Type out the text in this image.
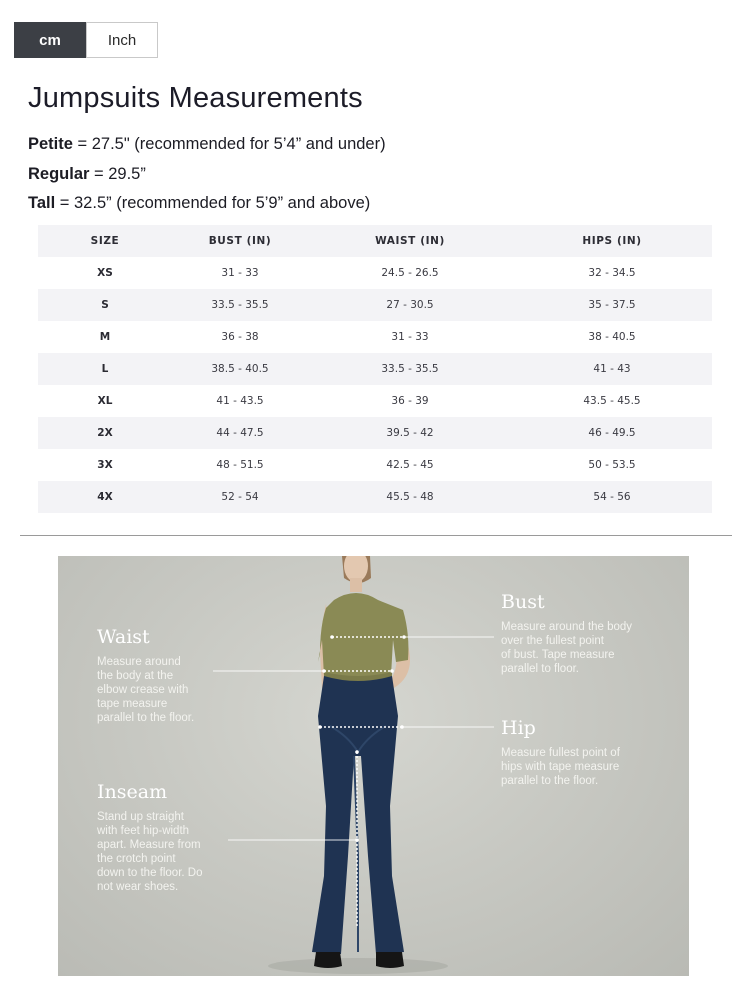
cm	Inch
Jumpsuits Measurements
Petite = 27.5" (recommended for 5’4” and under)
Regular = 29.5”
Tall = 32.5” (recommended for 5’9” and above)
SIZE	BUST (IN)	WAIST (IN)	HIPS (IN)
XS	31 - 33	24.5 - 26.5	32 - 34.5
S	33.5 - 35.5	27 - 30.5	35 - 37.5
M	36 - 38	31 - 33	38 - 40.5
L	38.5 - 40.5	33.5 - 35.5	41 - 43
XL	41 - 43.5	36 - 39	43.5 - 45.5
2X	44 - 47.5	39.5 - 42	46 - 49.5
3X	48 - 51.5	42.5 - 45	50 - 53.5
4X	52 - 54	45.5 - 48	54 - 56
Waist
Measure around
the body at the
elbow crease with
tape measure
parallel to the floor.
Inseam
Stand up straight
with feet hip-width
apart. Measure from
the crotch point
down to the floor. Do
not wear shoes.
Bust
Measure around the body
over the fullest point
of bust. Tape measure
parallel to floor.
Hip
Measure fullest point of
hips with tape measure
parallel to the floor.
